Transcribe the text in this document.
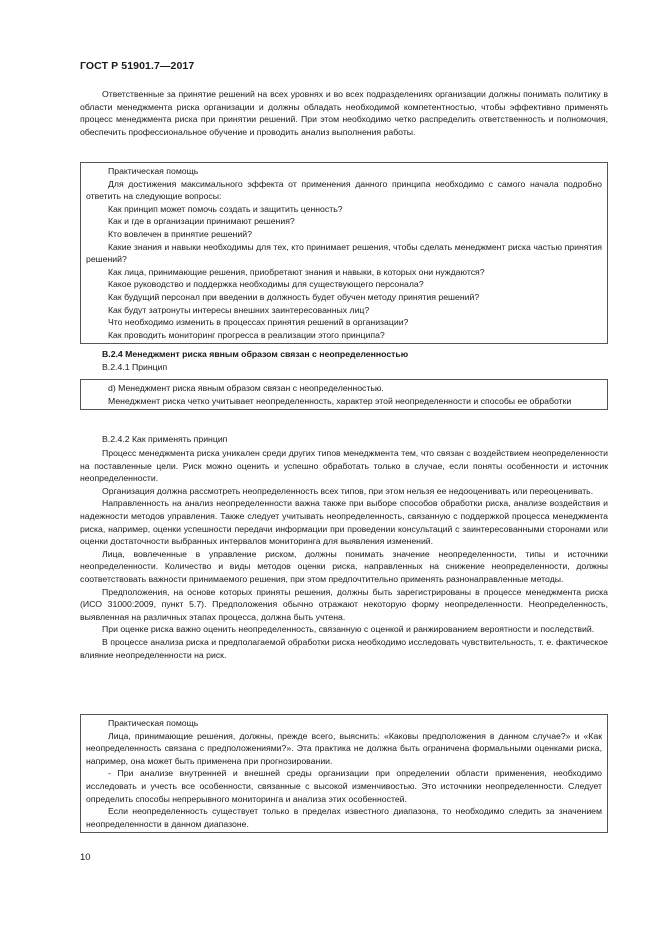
ГОСТ Р 51901.7—2017

Ответственные за принятие решений на всех уровнях и во всех подразделениях организации должны понимать политику в области менеджмента риска организации и должны обладать необходимой компетентностью, чтобы эффективно применять процесс менеджмента риска при принятии решений. При этом необходимо четко распределить ответственность и полномочия, обеспечить профессиональное обучение и проводить анализ выполнения работы.

Практическая помощь

Для достижения максимального эффекта от применения данного принципа необходимо с самого начала подробно ответить на следующие вопросы:

Как принцип может помочь создать и защитить ценность?

Как и где в организации принимают решения?

Кто вовлечен в принятие решений?

Какие знания и навыки необходимы для тех, кто принимает решения, чтобы сделать менеджмент риска частью принятия решений?

Как лица, принимающие решения, приобретают знания и навыки, в которых они нуждаются?

Какое руководство и поддержка необходимы для существующего персонала?

Как будущий персонал при введении в должность будет обучен методу принятия решений?

Как будут затронуты интересы внешних заинтересованных лиц?

Что необходимо изменить в процессах принятия решений в организации?

Как проводить мониторинг прогресса в реализации этого принципа?

В.2.4 Менеджмент риска явным образом связан с неопределенностью

В.2.4.1 Принцип

d) Менеджмент риска явным образом связан с неопределенностью.

Менеджмент риска четко учитывает неопределенность, характер этой неопределенности и способы ее обработки

В.2.4.2 Как применять принцип

Процесс менеджмента риска уникален среди других типов менеджмента тем, что связан с воздействием неопределенности на поставленные цели. Риск можно оценить и успешно обработать только в случае, если поняты особенности и источник неопределенности.

Организация должна рассмотреть неопределенность всех типов, при этом нельзя ее недооценивать или переоценивать.

Направленность на анализ неопределенности важна также при выборе способов обработки риска, анализе воздействия и надежности методов управления. Также следует учитывать неопределенность, связанную с поддержкой процесса менеджмента риска, например, оценки успешности передачи информации при проведении консультаций с заинтересованными сторонами или оценки достаточности выбранных интервалов мониторинга для выявления изменений.

Лица, вовлеченные в управление риском, должны понимать значение неопределенности, типы и источники неопределенности. Количество и виды методов оценки риска, направленных на снижение неопределенности, должны соответствовать важности принимаемого решения, при этом предпочтительно применять разнонаправленные методы.

Предположения, на основе которых приняты решения, должны быть зарегистрированы в процессе менеджмента риска (ИСО 31000:2009, пункт 5.7). Предположения обычно отражают некоторую форму неопределенности. Неопределенность, выявленная на различных этапах процесса, должна быть учтена.

При оценке риска важно оценить неопределенность, связанную с оценкой и ранжированием вероятности и последствий.

В процессе анализа риска и предполагаемой обработки риска необходимо исследовать чувствительность, т. е. фактическое влияние неопределенности на риск.

Практическая помощь

Лица, принимающие решения, должны, прежде всего, выяснить: «Каковы предположения в данном случае?» и «Как неопределенность связана с предположениями?». Эта практика не должна быть ограничена формальными оценками риска, например, она может быть применена при прогнозировании.

- При анализе внутренней и внешней среды организации при определении области применения, необходимо исследовать и учесть все особенности, связанные с высокой изменчивостью. Это источники неопределенности. Следует определить способы непрерывного мониторинга и анализа этих особенностей.

Если неопределенность существует только в пределах известного диапазона, то необходимо следить за значением неопределенности в данном диапазоне.

10
